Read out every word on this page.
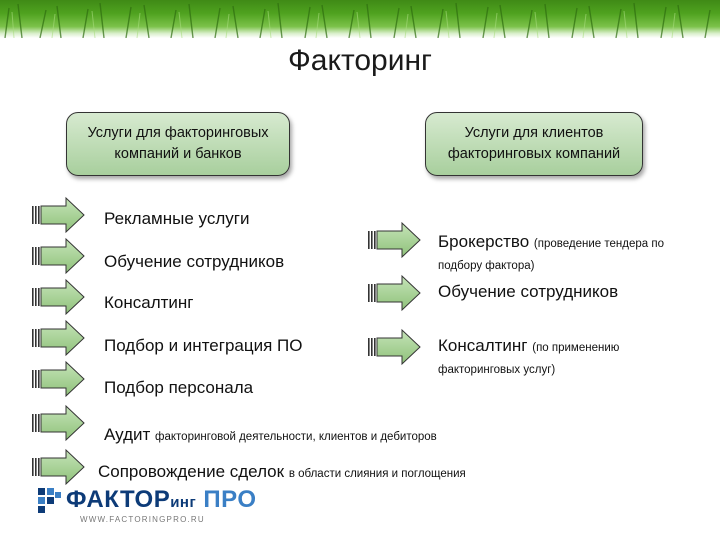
Факторинг
Услуги для факторинговых
компаний и банков
Услуги для клиентов
факторинговых компаний
Рекламные услуги
Обучение сотрудников
Консалтинг
Подбор и интеграция ПО
Подбор персонала
Аудит факторинговой деятельности, клиентов и дебиторов
Сопровождение сделок в области слияния и поглощения
Брокерство (проведение тендера по подбору фактора)
Обучение сотрудников
Консалтинг (по применению факторинговых услуг)
ФАКТОРинг ПРО
WWW.FACTORINGPRO.RU
